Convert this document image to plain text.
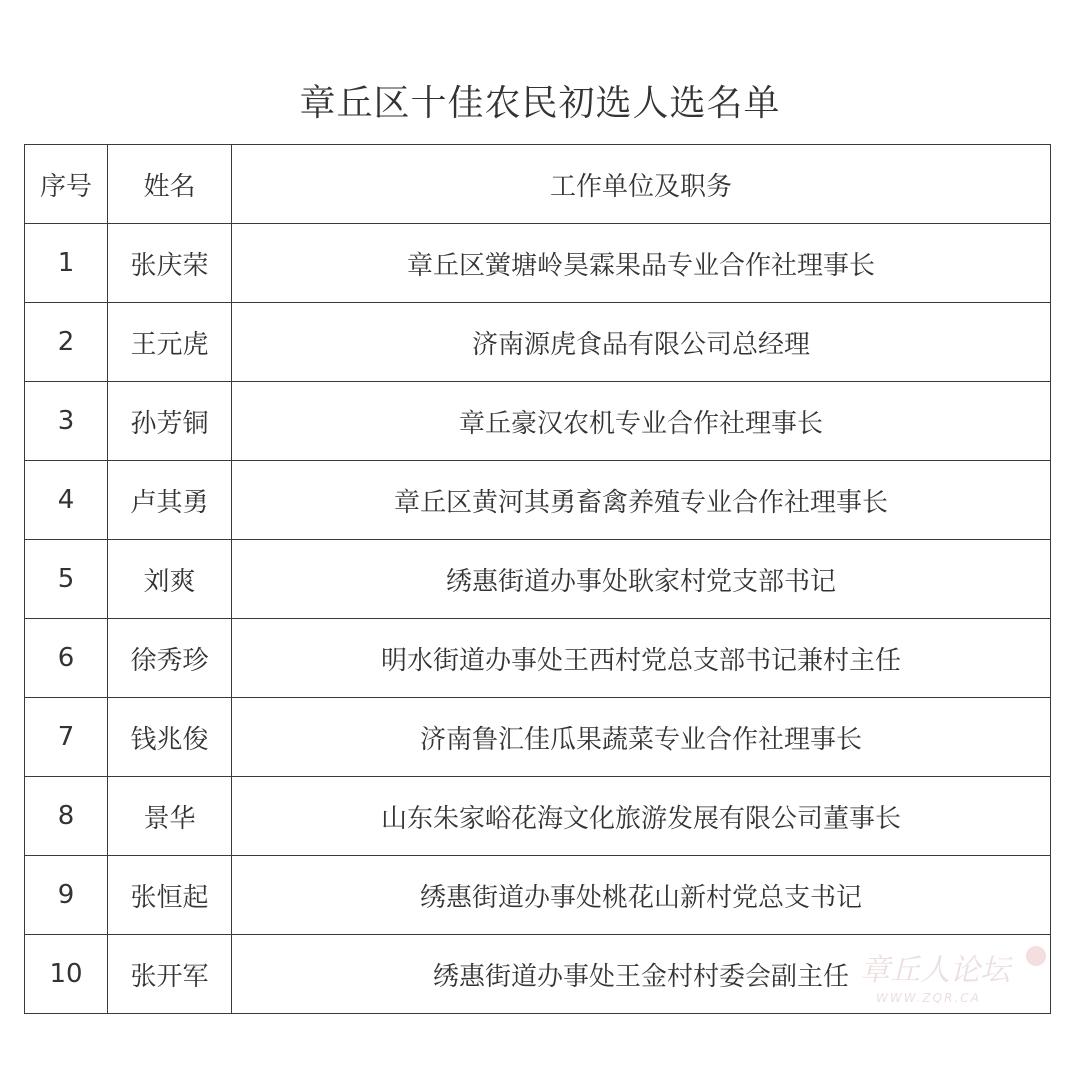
章丘区十佳农民初选人选名单
序号	姓名	工作单位及职务
1	张庆荣	章丘区黉塘岭昊霖果品专业合作社理事长
2	王元虎	济南源虎食品有限公司总经理
3	孙芳铜	章丘豪汉农机专业合作社理事长
4	卢其勇	章丘区黄河其勇畜禽养殖专业合作社理事长
5	刘爽	绣惠街道办事处耿家村党支部书记
6	徐秀珍	明水街道办事处王西村党总支部书记兼村主任
7	钱兆俊	济南鲁汇佳瓜果蔬菜专业合作社理事长
8	景华	山东朱家峪花海文化旅游发展有限公司董事长
9	张恒起	绣惠街道办事处桃花山新村党总支书记
10	张开军	绣惠街道办事处王金村村委会副主任 章丘人论坛
WWW.ZQR.CA
